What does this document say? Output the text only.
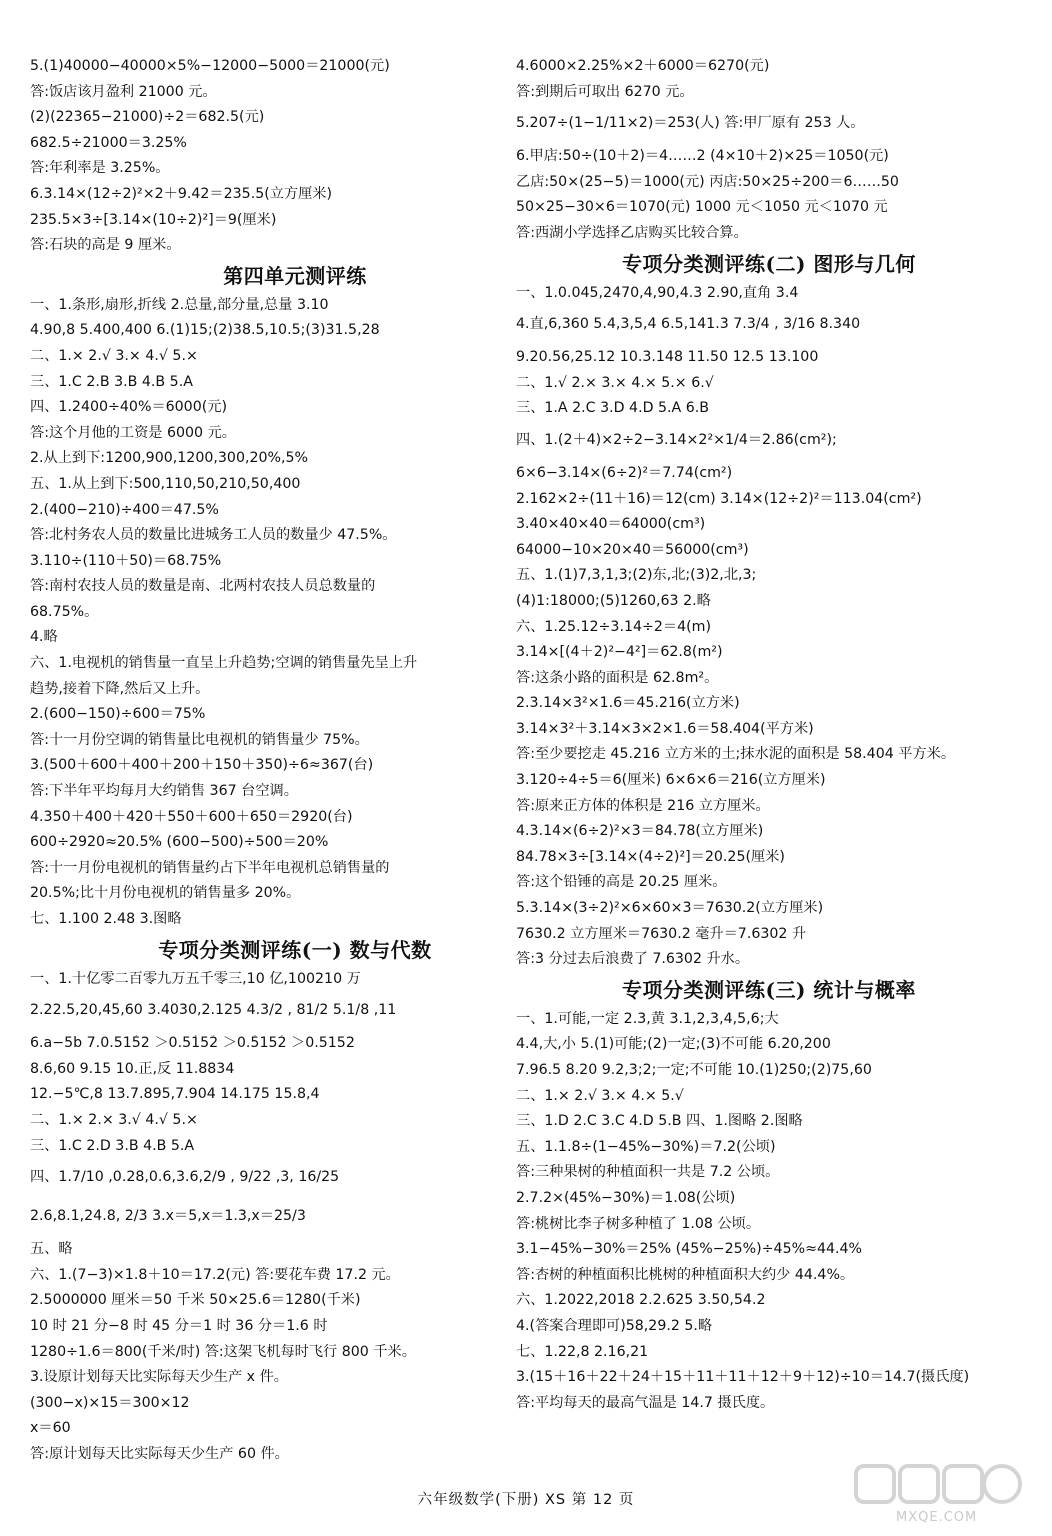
5.(1)40000−40000×5%−12000−5000＝21000(元)
答:饭店该月盈利 21000 元。
(2)(22365−21000)÷2＝682.5(元)
682.5÷21000＝3.25%
答:年利率是 3.25%。
6.3.14×(12÷2)²×2＋9.42＝235.5(立方厘米)
235.5×3÷[3.14×(10÷2)²]＝9(厘米)
答:石块的高是 9 厘米。
第四单元测评练
一、1.条形,扇形,折线 2.总量,部分量,总量 3.10
4.90,8 5.400,400 6.(1)15;(2)38.5,10.5;(3)31.5,28
二、1.× 2.√ 3.× 4.√ 5.×
三、1.C 2.B 3.B 4.B 5.A
四、1.2400÷40%＝6000(元)
答:这个月他的工资是 6000 元。
2.从上到下:1200,900,1200,300,20%,5%
五、1.从上到下:500,110,50,210,50,400
2.(400−210)÷400＝47.5%
答:北村务农人员的数量比进城务工人员的数量少 47.5%。
3.110÷(110＋50)＝68.75%
答:南村农技人员的数量是南、北两村农技人员总数量的
68.75%。
4.略
六、1.电视机的销售量一直呈上升趋势;空调的销售量先呈上升
趋势,接着下降,然后又上升。
2.(600−150)÷600＝75%
答:十一月份空调的销售量比电视机的销售量少 75%。
3.(500＋600＋400＋200＋150＋350)÷6≈367(台)
答:下半年平均每月大约销售 367 台空调。
4.350＋400＋420＋550＋600＋650＝2920(台)
600÷2920≈20.5% (600−500)÷500＝20%
答:十一月份电视机的销售量约占下半年电视机总销售量的
20.5%;比十月份电视机的销售量多 20%。
七、1.100 2.48 3.图略
专项分类测评练(一) 数与代数
一、1.十亿零二百零九万五千零三,10 亿,100210 万
2.22.5,20,45,60 3.4030,2.125 4.3/2 , 81/2 5.1/8 ,11
6.a−5b 7.0.515̇2 ＞0.51̇52̇ ＞0.5̇152̇ ＞0.5152
8.6,60 9.15 10.正,反 11.8834
12.−5℃,8 13.7.895,7.904 14.175 15.8,4
二、1.× 2.× 3.√ 4.√ 5.×
三、1.C 2.D 3.B 4.B 5.A
四、1.7/10 ,0.28,0.6,3.6,2/9 , 9/22 ,3, 16/25
2.6,8.1,24.8, 2/3 3.x＝5,x＝1.3,x＝25/3
五、略
六、1.(7−3)×1.8＋10＝17.2(元) 答:要花车费 17.2 元。
2.5000000 厘米＝50 千米 50×25.6＝1280(千米)
10 时 21 分−8 时 45 分＝1 时 36 分＝1.6 时
1280÷1.6＝800(千米/时) 答:这架飞机每时飞行 800 千米。
3.设原计划每天比实际每天少生产 x 件。
(300−x)×15＝300×12
x＝60
答:原计划每天比实际每天少生产 60 件。
4.6000×2.25%×2＋6000＝6270(元)
答:到期后可取出 6270 元。
5.207÷(1−1/11×2)＝253(人) 答:甲厂原有 253 人。
6.甲店:50÷(10＋2)＝4……2 (4×10＋2)×25＝1050(元)
乙店:50×(25−5)＝1000(元) 丙店:50×25÷200＝6……50
50×25−30×6＝1070(元) 1000 元＜1050 元＜1070 元
答:西湖小学选择乙店购买比较合算。
专项分类测评练(二) 图形与几何
一、1.0.045,2470,4,90,4.3 2.90,直角 3.4
4.直,6,360 5.4,3,5,4 6.5,141.3 7.3/4 , 3/16 8.340
9.20.56,25.12 10.3.148 11.50 12.5 13.100
二、1.√ 2.× 3.× 4.× 5.× 6.√
三、1.A 2.C 3.D 4.D 5.A 6.B
四、1.(2＋4)×2÷2−3.14×2²×1/4＝2.86(cm²);
6×6−3.14×(6÷2)²＝7.74(cm²)
2.162×2÷(11＋16)＝12(cm) 3.14×(12÷2)²＝113.04(cm²)
3.40×40×40＝64000(cm³)
64000−10×20×40＝56000(cm³)
五、1.(1)7,3,1,3;(2)东,北;(3)2,北,3;
(4)1:18000;(5)1260,63 2.略
六、1.25.12÷3.14÷2＝4(m)
3.14×[(4＋2)²−4²]＝62.8(m²)
答:这条小路的面积是 62.8m²。
2.3.14×3²×1.6＝45.216(立方米)
3.14×3²＋3.14×3×2×1.6＝58.404(平方米)
答:至少要挖走 45.216 立方米的土;抹水泥的面积是 58.404 平方米。
3.120÷4÷5＝6(厘米) 6×6×6＝216(立方厘米)
答:原来正方体的体积是 216 立方厘米。
4.3.14×(6÷2)²×3＝84.78(立方厘米)
84.78×3÷[3.14×(4÷2)²]＝20.25(厘米)
答:这个铅锤的高是 20.25 厘米。
5.3.14×(3÷2)²×6×60×3＝7630.2(立方厘米)
7630.2 立方厘米＝7630.2 毫升＝7.6302 升
答:3 分过去后浪费了 7.6302 升水。
专项分类测评练(三) 统计与概率
一、1.可能,一定 2.3,黄 3.1,2,3,4,5,6;大
4.4,大,小 5.(1)可能;(2)一定;(3)不可能 6.20,200
7.96.5 8.20 9.2,3;2;一定;不可能 10.(1)250;(2)75,60
二、1.× 2.√ 3.× 4.× 5.√
三、1.D 2.C 3.C 4.D 5.B 四、1.图略 2.图略
五、1.1.8÷(1−45%−30%)＝7.2(公顷)
答:三种果树的种植面积一共是 7.2 公顷。
2.7.2×(45%−30%)＝1.08(公顷)
答:桃树比李子树多种植了 1.08 公顷。
3.1−45%−30%＝25% (45%−25%)÷45%≈44.4%
答:杏树的种植面积比桃树的种植面积大约少 44.4%。
六、1.2022,2018 2.2.625 3.50,54.2
4.(答案合理即可)58,29.2 5.略
七、1.22,8 2.16,21
3.(15＋16＋22＋24＋15＋11＋11＋12＋9＋12)÷10＝14.7(摄氏度)
答:平均每天的最高气温是 14.7 摄氏度。
六年级数学(下册) XS 第 12 页
MXQE.COM
